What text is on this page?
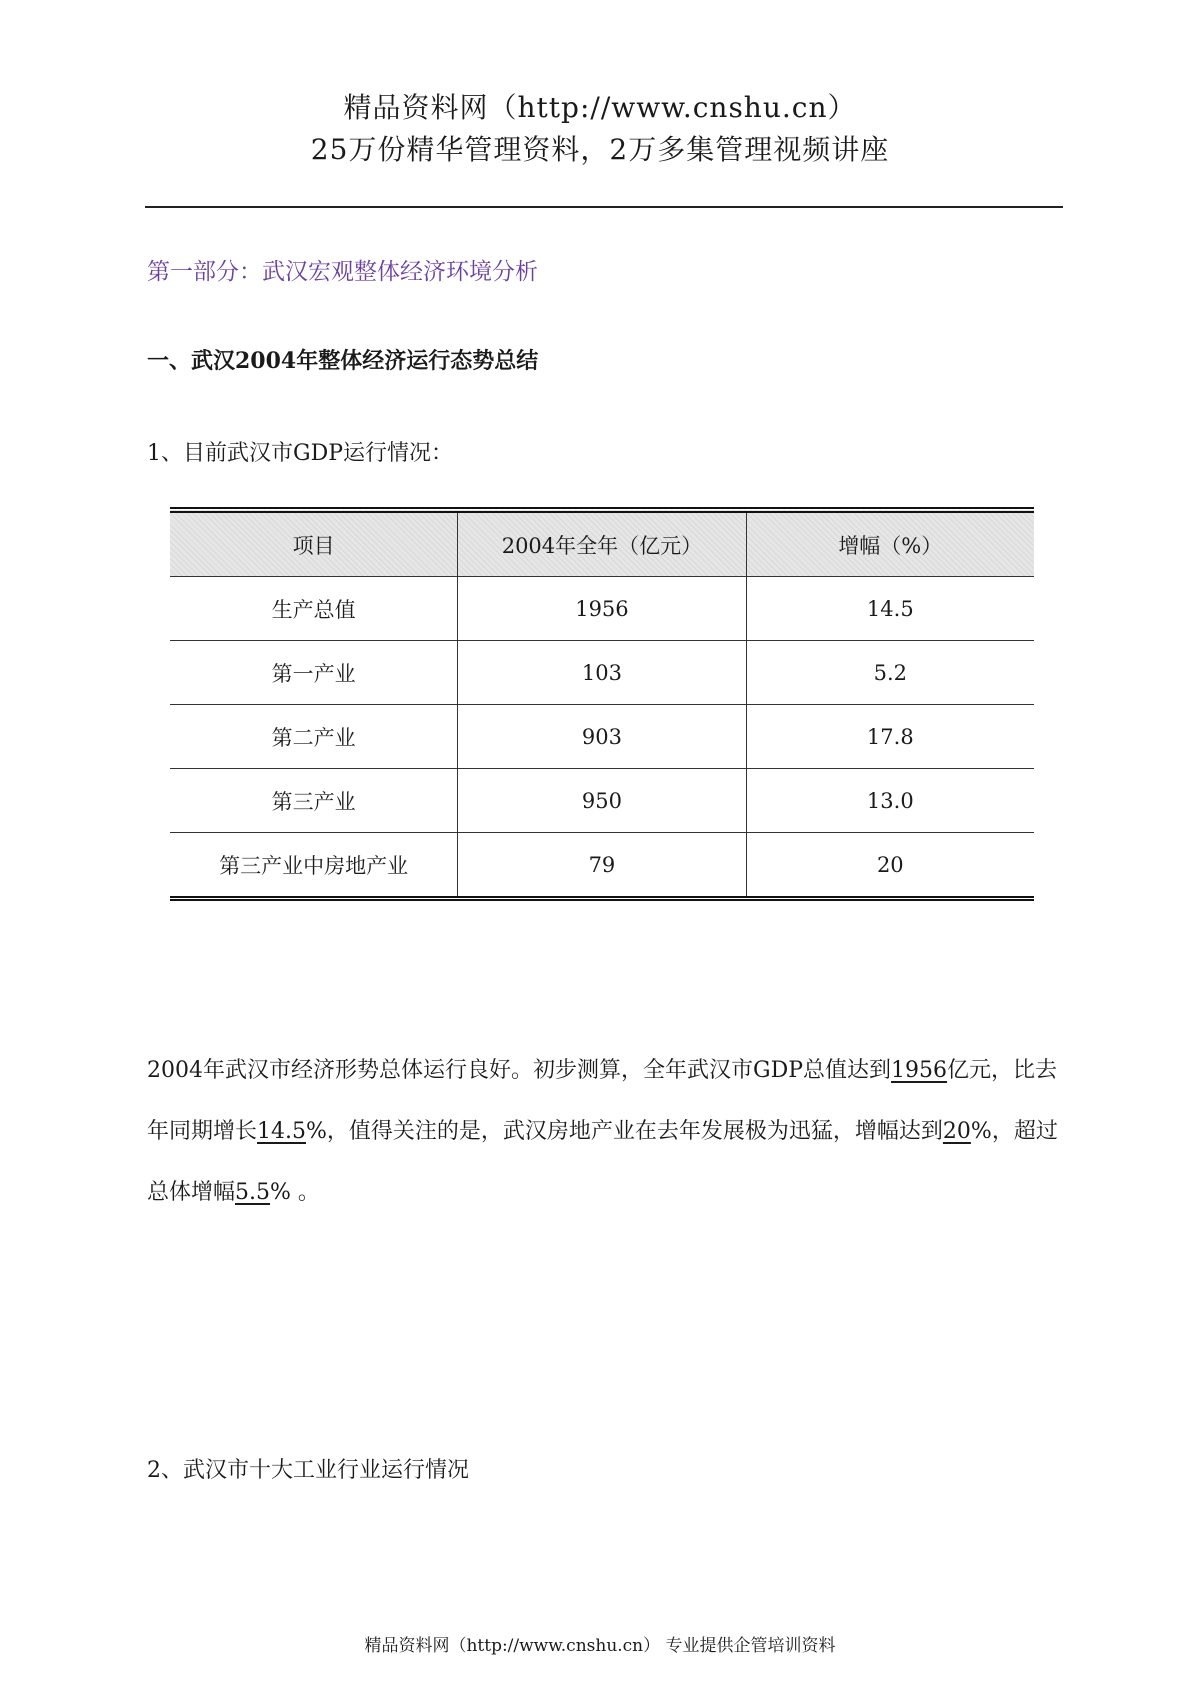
精品资料网（http://www.cnshu.cn）
25万份精华管理资料，2万多集管理视频讲座
第一部分：武汉宏观整体经济环境分析
一、武汉2004年整体经济运行态势总结
1、目前武汉市GDP运行情况：
项目	2004年全年（亿元）	增幅（%）
生产总值	1956	14.5
第一产业	103	5.2
第二产业	903	17.8
第三产业	950	13.0
第三产业中房地产业	79	20
2004年武汉市经济形势总体运行良好。初步测算，全年武汉市GDP总值达到1956亿元，比去年同期增长14.5%，值得关注的是，武汉房地产业在去年发展极为迅猛，增幅达到20%，超过总体增幅5.5% 。
2、武汉市十大工业行业运行情况
精品资料网（http://www.cnshu.cn） 专业提供企管培训资料
